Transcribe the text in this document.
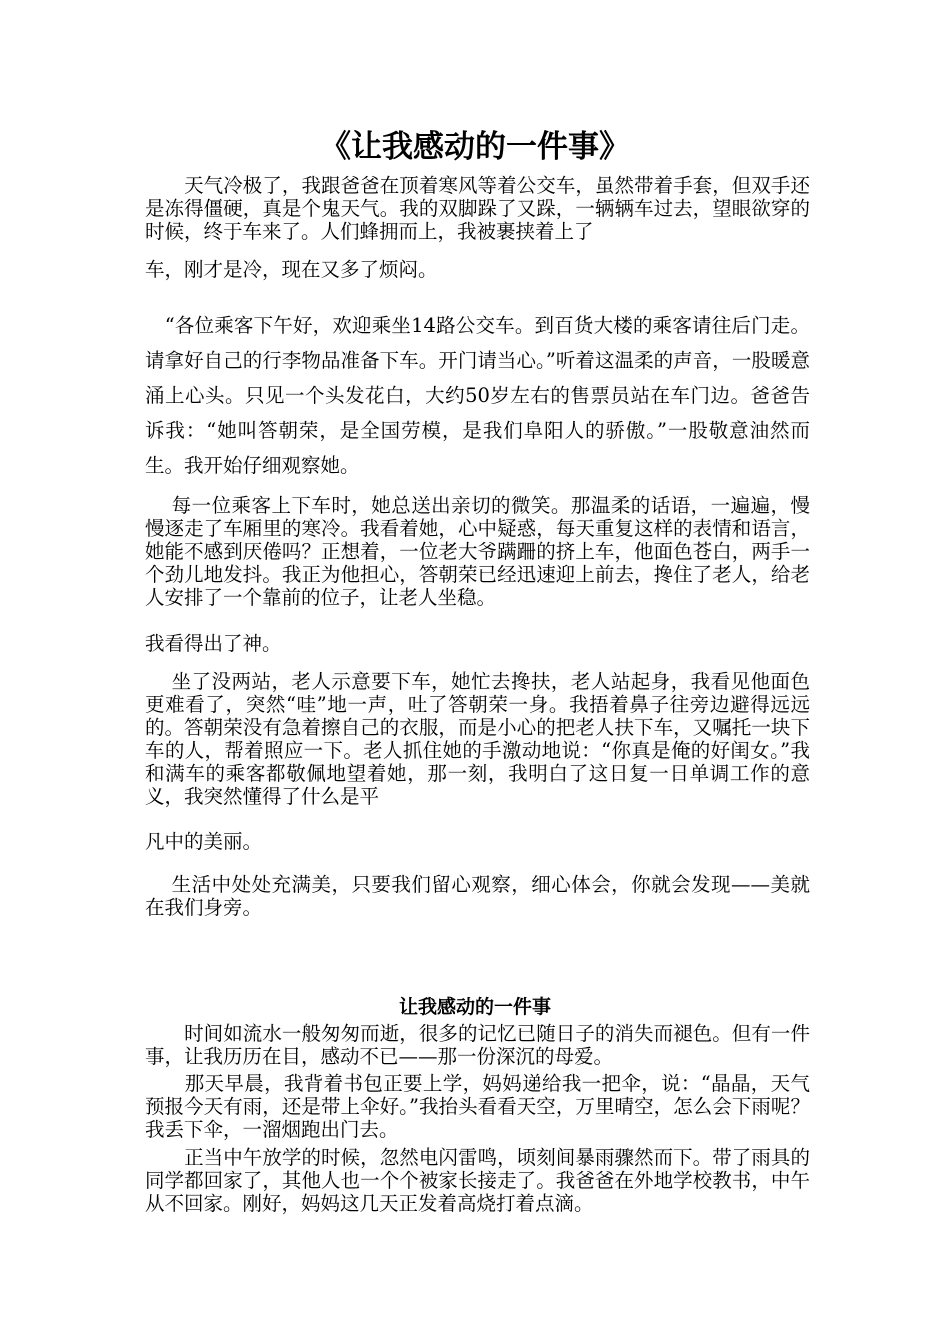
《让我感动的一件事》

　　天气冷极了，我跟爸爸在顶着寒风等着公交车，虽然带着手套，但双手还是冻得僵硬，真是个鬼天气。我的双脚跺了又跺，一辆辆车过去，望眼欲穿的时候，终于车来了。人们蜂拥而上，我被裹挟着上了

车，刚才是冷，现在又多了烦闷。

　“各位乘客下午好，欢迎乘坐14路公交车。到百货大楼的乘客请往后门走。请拿好自己的行李物品准备下车。开门请当心。”听着这温柔的声音，一股暖意涌上心头。只见一个头发花白，大约50岁左右的售票员站在车门边。爸爸告诉我：“她叫答朝荣，是全国劳模，是我们阜阳人的骄傲。”一股敬意油然而生。我开始仔细观察她。

　 每一位乘客上下车时，她总送出亲切的微笑。那温柔的话语，一遍遍，慢慢逐走了车厢里的寒冷。我看着她，心中疑惑，每天重复这样的表情和语言，她能不感到厌倦吗？正想着，一位老大爷蹒跚的挤上车，他面色苍白，两手一个劲儿地发抖。我正为他担心，答朝荣已经迅速迎上前去，搀住了老人，给老人安排了一个靠前的位子，让老人坐稳。

我看得出了神。

　 坐了没两站，老人示意要下车，她忙去搀扶，老人站起身，我看见他面色更难看了，突然“哇”地一声，吐了答朝荣一身。我捂着鼻子往旁边避得远远的。答朝荣没有急着擦自己的衣服，而是小心的把老人扶下车，又嘱托一块下车的人，帮着照应一下。老人抓住她的手激动地说：“你真是俺的好闺女。”我和满车的乘客都敬佩地望着她，那一刻，我明白了这日复一日单调工作的意义，我突然懂得了什么是平

凡中的美丽。

　 生活中处处充满美，只要我们留心观察，细心体会，你就会发现——美就在我们身旁。

让我感动的一件事

　　时间如流水一般匆匆而逝，很多的记忆已随日子的消失而褪色。但有一件事，让我历历在目，感动不已——那一份深沉的母爱。

　　那天早晨，我背着书包正要上学，妈妈递给我一把伞，说：“晶晶，天气预报今天有雨，还是带上伞好。”我抬头看看天空，万里晴空，怎么会下雨呢？我丢下伞，一溜烟跑出门去。

　　正当中午放学的时候，忽然电闪雷鸣，顷刻间暴雨骤然而下。带了雨具的同学都回家了，其他人也一个个被家长接走了。我爸爸在外地学校教书，中午从不回家。刚好，妈妈这几天正发着高烧打着点滴。
